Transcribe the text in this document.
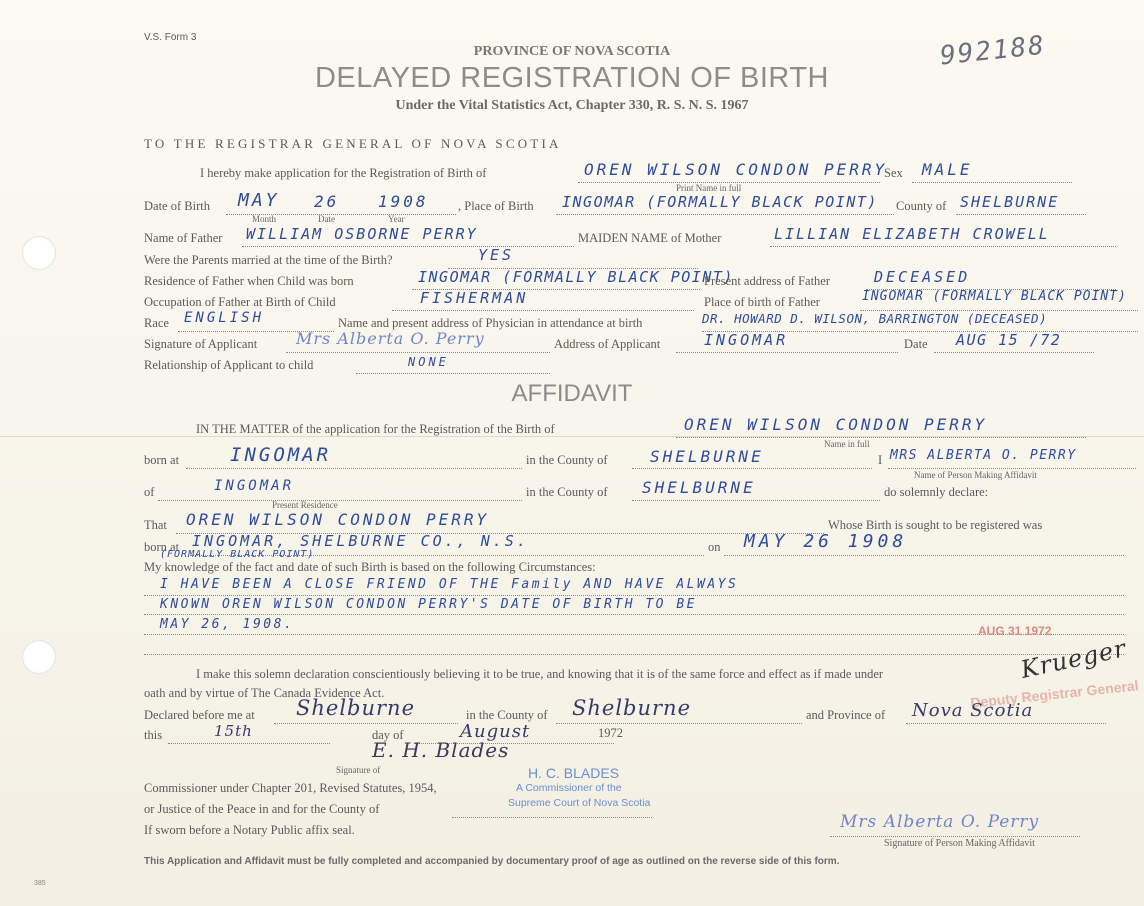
V.S. Form 3
PROVINCE OF NOVA SCOTIA
DELAYED REGISTRATION OF BIRTH
Under the Vital Statistics Act, Chapter 330, R. S. N. S. 1967
992188
TO THE REGISTRAR GENERAL OF NOVA SCOTIA
I hereby make application for the Registration of Birth of	OREN WILSON CONDON PERRY
Print Name in full
Sex MALE
Date of Birth MAY 26 1908
Month	Date	Year
, Place of Birth INGOMAR (FORMALLY BLACK POINT) County of SHELBURNE
Name of Father WILLIAM OSBORNE PERRY	MAIDEN NAME of Mother	LILLIAN ELIZABETH CROWELL
Were the Parents married at the time of the Birth?	YES
Residence of Father when Child was born	INGOMAR (FORMALLY BLACK POINT)
Present address of Father	DECEASED
Occupation of Father at Birth of Child	FISHERMAN	Place of birth of Father	INGOMAR (FORMALLY BLACK POINT)
Race ENGLISH	Name and present address of Physician in attendance at birth	DR. HOWARD D. WILSON, BARRINGTON (DECEASED)
Signature of Applicant Mrs Alberta O. Perry	Address of Applicant	INGOMAR	Date AUG 15 /72
Relationship of Applicant to child	NONE
AFFIDAVIT
IN THE MATTER of the application for the Registration of the Birth of	OREN WILSON CONDON PERRY
Name in full
born at	INGOMAR	in the County of	SHELBURNE	I MRS ALBERTA O. PERRY
Name of Person Making Affidavit
of	INGOMAR
Present Residence
in the County of SHELBURNE	do solemnly declare:
That OREN WILSON CONDON PERRY	Whose Birth is sought to be registered was
born at INGOMAR, SHELBURNE CO., N.S.
(FORMALLY BLACK POINT)
on MAY 26 1908
My knowledge of the fact and date of such Birth is based on the following Circumstances:
I HAVE BEEN A CLOSE FRIEND OF THE Family AND HAVE ALWAYS
KNOWN OREN WILSON CONDON PERRY'S DATE OF BIRTH TO BE
MAY 26, 1908.	AUG 31 1972
Deputy Registrar General
Krueger
I make this solemn declaration conscientiously believing it to be true, and knowing that it is of the same force and effect as if made under
oath and by virtue of The Canada Evidence Act.
Declared before me at Shelburne	in the County of Shelburne	and Province of Nova Scotia
this	15th	day of	August	1972
E. H. Blades
Signature of	H. C. BLADES
A Commissioner of the
Supreme Court of Nova Scotia
Commissioner under Chapter 201, Revised Statutes, 1954,
or Justice of the Peace in and for the County of
If sworn before a Notary Public affix seal.	Mrs Alberta O. Perry
Signature of Person Making Affidavit
This Application and Affidavit must be fully completed and accompanied by documentary proof of age as outlined on the reverse side of this form.
385
